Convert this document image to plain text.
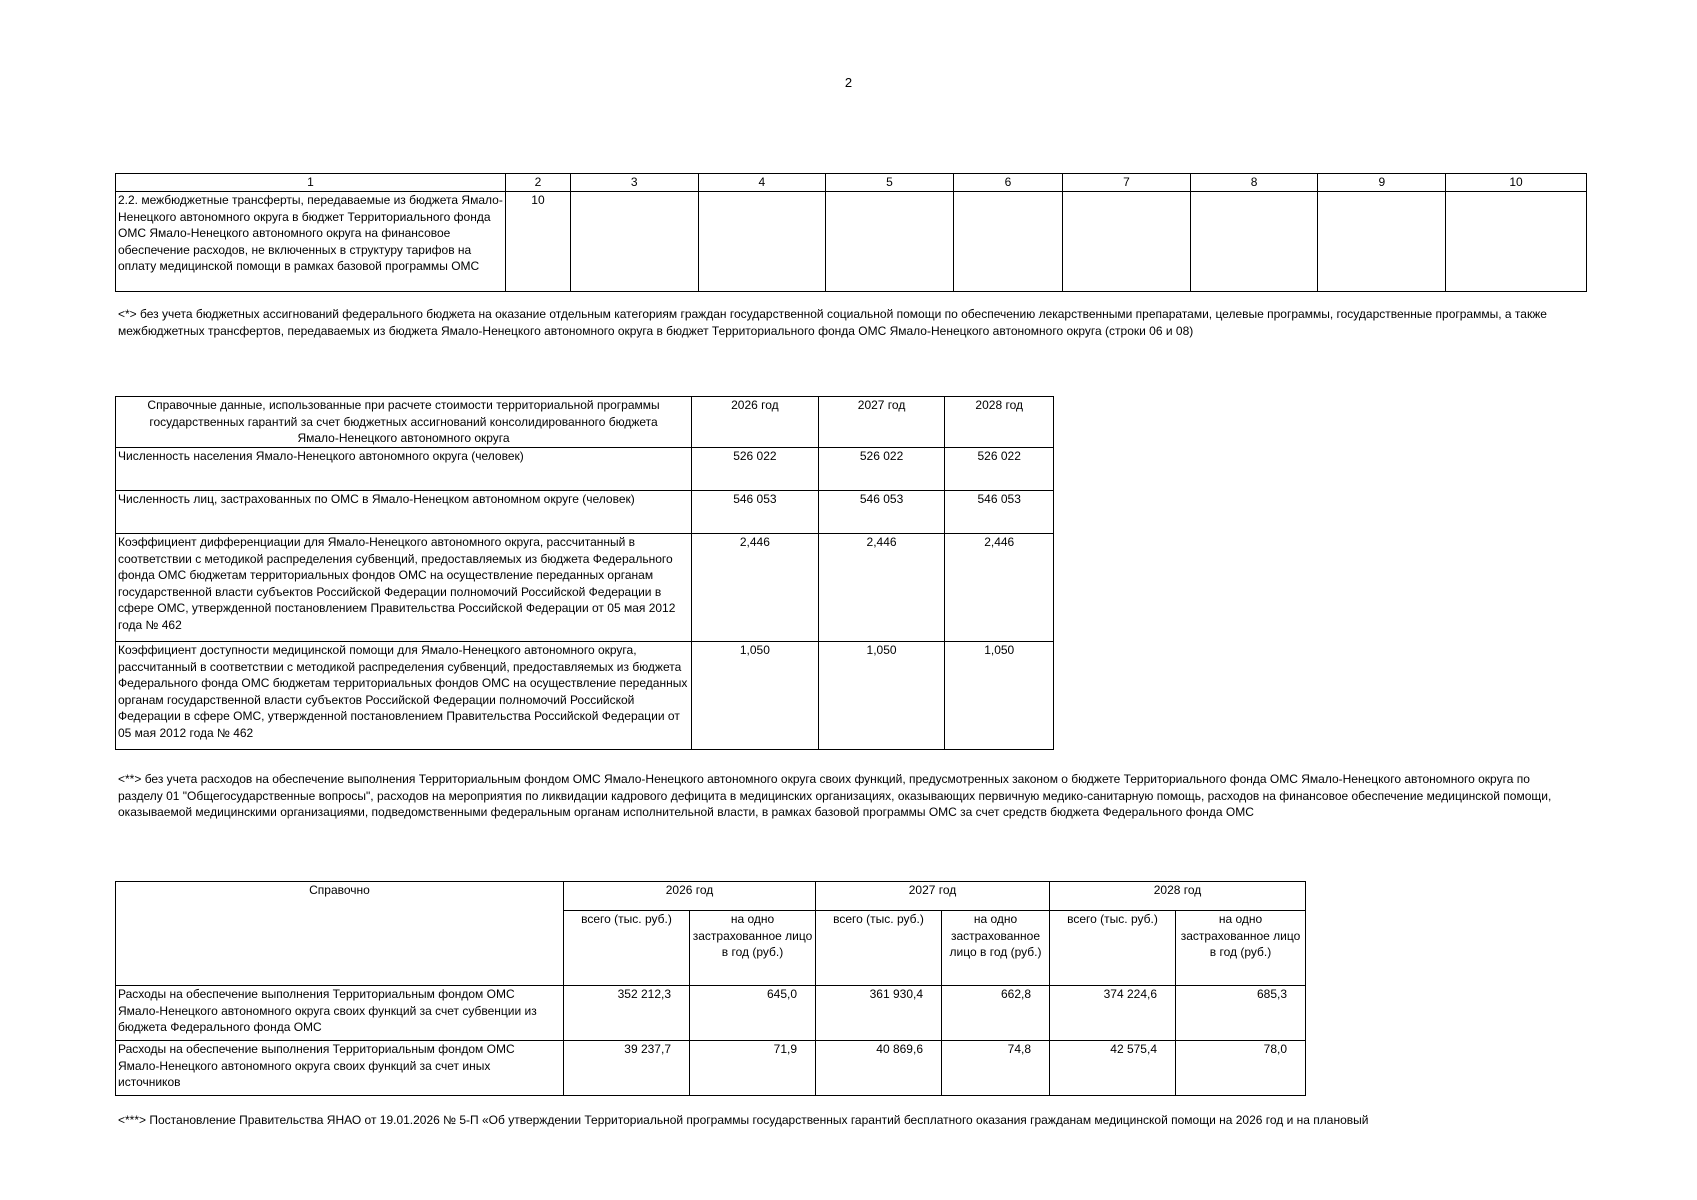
2
1	2	3	4	5	6	7	8	9	10
2.2. межбюджетные трансферты, передаваемые из бюджета Ямало-Ненецкого автономного округа в бюджет Территориального фонда ОМС Ямало-Ненецкого автономного округа на финансовое обеспечение расходов, не включенных в структуру тарифов на оплату медицинской помощи в рамках базовой программы ОМС	10								
<*> без учета бюджетных ассигнований федерального бюджета на оказание отдельным категориям граждан государственной социальной помощи по обеспечению лекарственными препаратами, целевые программы, государственные программы, а также межбюджетных трансфертов, передаваемых из бюджета Ямало-Ненецкого автономного округа в бюджет Территориального фонда ОМС Ямало-Ненецкого автономного округа (строки 06 и 08)
Справочные данные, использованные при расчете стоимости территориальной программы государственных гарантий за счет бюджетных ассигнований консолидированного бюджета Ямало-Ненецкого автономного округа	2026 год	2027 год	2028 год
Численность населения Ямало-Ненецкого автономного округа (человек)	526 022	526 022	526 022
Численность лиц, застрахованных по ОМС в Ямало-Ненецком автономном округе (человек)	546 053	546 053	546 053
Коэффициент дифференциации для Ямало-Ненецкого автономного округа, рассчитанный в соответствии с методикой распределения субвенций, предоставляемых из бюджета Федерального фонда ОМС бюджетам территориальных фондов ОМС на осуществление переданных органам государственной власти субъектов Российской Федерации полномочий Российской Федерации в сфере ОМС, утвержденной постановлением Правительства Российской Федерации от 05 мая 2012 года № 462	2,446	2,446	2,446
Коэффициент доступности медицинской помощи для Ямало-Ненецкого автономного округа, рассчитанный в соответствии с методикой распределения субвенций, предоставляемых из бюджета Федерального фонда ОМС бюджетам территориальных фондов ОМС на осуществление переданных органам государственной власти субъектов Российской Федерации полномочий Российской Федерации в сфере ОМС, утвержденной постановлением Правительства Российской Федерации от 05 мая 2012 года № 462	1,050	1,050	1,050
<**> без учета расходов на обеспечение выполнения Территориальным фондом ОМС Ямало-Ненецкого автономного округа своих функций, предусмотренных законом о бюджете Территориального фонда ОМС Ямало-Ненецкого автономного округа по разделу 01 "Общегосударственные вопросы", расходов на мероприятия по ликвидации кадрового дефицита в медицинских организациях, оказывающих первичную медико-санитарную помощь, расходов на финансовое обеспечение медицинской помощи, оказываемой медицинскими организациями, подведомственными федеральным органам исполнительной власти, в рамках базовой программы ОМС за счет средств бюджета Федерального фонда ОМС
Справочно	2026 год		2027 год		2028 год	
	всего (тыс. руб.)	на одно застрахованное лицо в год (руб.)	всего (тыс. руб.)	на одно застрахованное лицо в год (руб.)	всего (тыс. руб.)	на одно застрахованное лицо в год (руб.)
Расходы на обеспечение выполнения Территориальным фондом ОМС Ямало-Ненецкого автономного округа своих функций за счет субвенции из бюджета Федерального фонда ОМС	352 212,3	645,0	361 930,4	662,8	374 224,6	685,3
Расходы на обеспечение выполнения Территориальным фондом ОМС Ямало-Ненецкого автономного округа своих функций за счет иных источников	39 237,7	71,9	40 869,6	74,8	42 575,4	78,0
<***> Постановление Правительства ЯНАО от 19.01.2026 № 5-П «Об утверждении Территориальной программы государственных гарантий бесплатного оказания гражданам медицинской помощи на 2026 год и на плановый
